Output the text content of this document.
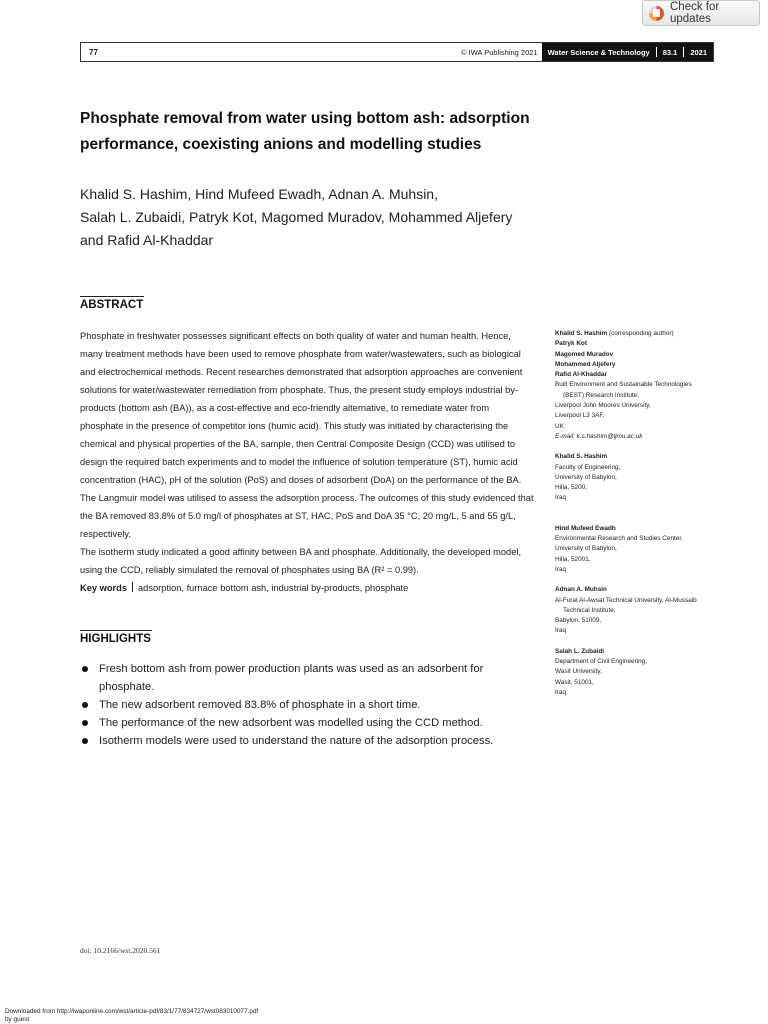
Check for updates
77	© IWA Publishing 2021	Water Science & Technology 83.1 2021
Phosphate removal from water using bottom ash: adsorption performance, coexisting anions and modelling studies
Khalid S. Hashim, Hind Mufeed Ewadh, Adnan A. Muhsin,
Salah L. Zubaidi, Patryk Kot, Magomed Muradov, Mohammed Aljefery
and Rafid Al-Khaddar
ABSTRACT

Phosphate in freshwater possesses significant effects on both quality of water and human health. Hence, many treatment methods have been used to remove phosphate from water/wastewaters, such as biological and electrochemical methods. Recent researches demonstrated that adsorption approaches are convenient solutions for water/wastewater remediation from phosphate. Thus, the present study employs industrial by-products (bottom ash (BA)), as a cost-effective and eco-friendly alternative, to remediate water from phosphate in the presence of competitor ions (humic acid). This study was initiated by characterising the chemical and physical properties of the BA, sample, then Central Composite Design (CCD) was utilised to design the required batch experiments and to model the influence of solution temperature (ST), humic acid concentration (HAC), pH of the solution (PoS) and doses of adsorbent (DoA) on the performance of the BA. The Langmuir model was utilised to assess the adsorption process. The outcomes of this study evidenced that the BA removed 83.8% of 5.0 mg/l of phosphates at ST, HAC, PoS and DoA 35 °C, 20 mg/L, 5 and 55 g/L, respectively.

The isotherm study indicated a good affinity between BA and phosphate. Additionally, the developed model, using the CCD, reliably simulated the removal of phosphates using BA (R² = 0.99).

Key words adsorption, furnace bottom ash, industrial by-products, phosphate

HIGHLIGHTS
Fresh bottom ash from power production plants was used as an adsorbent for phosphate.
The new adsorbent removed 83.8% of phosphate in a short time.
The performance of the new adsorbent was modelled using the CCD method.
Isotherm models were used to understand the nature of the adsorption process.
Khalid S. Hashim (corresponding author)
Patryk Kot
Magomed Muradov
Mohammed Aljefery
Rafid Al-Khaddar
Built Environment and Sustainable Technologies
(BEST) Research Institute,
Liverpool John Moores University,
Liverpool L3 3AF,
UK
E-mail: k.s.hashim@ljmu.ac.uk
Khalid S. Hashim
Faculty of Engineering,
University of Babylon,
Hilla, 5200,
Iraq
Hind Mufeed Ewadh
Environmental Research and Studies Center,
University of Babylon,
Hilla, 52001,
Iraq
Adnan A. Muhsin
Al-Furat Al-Awsat Technical University, Al-Mussaib
Technical Institute,
Babylon, 51009,
Iraq
Salah L. Zubaidi
Department of Civil Engineering,
Wasit University,
Wasit, 51001,
Iraq
doi: 10.2166/wst.2020.561
Downloaded from http://iwaponline.com/wst/article-pdf/83/1/77/834727/wst083010077.pdf
by guest
